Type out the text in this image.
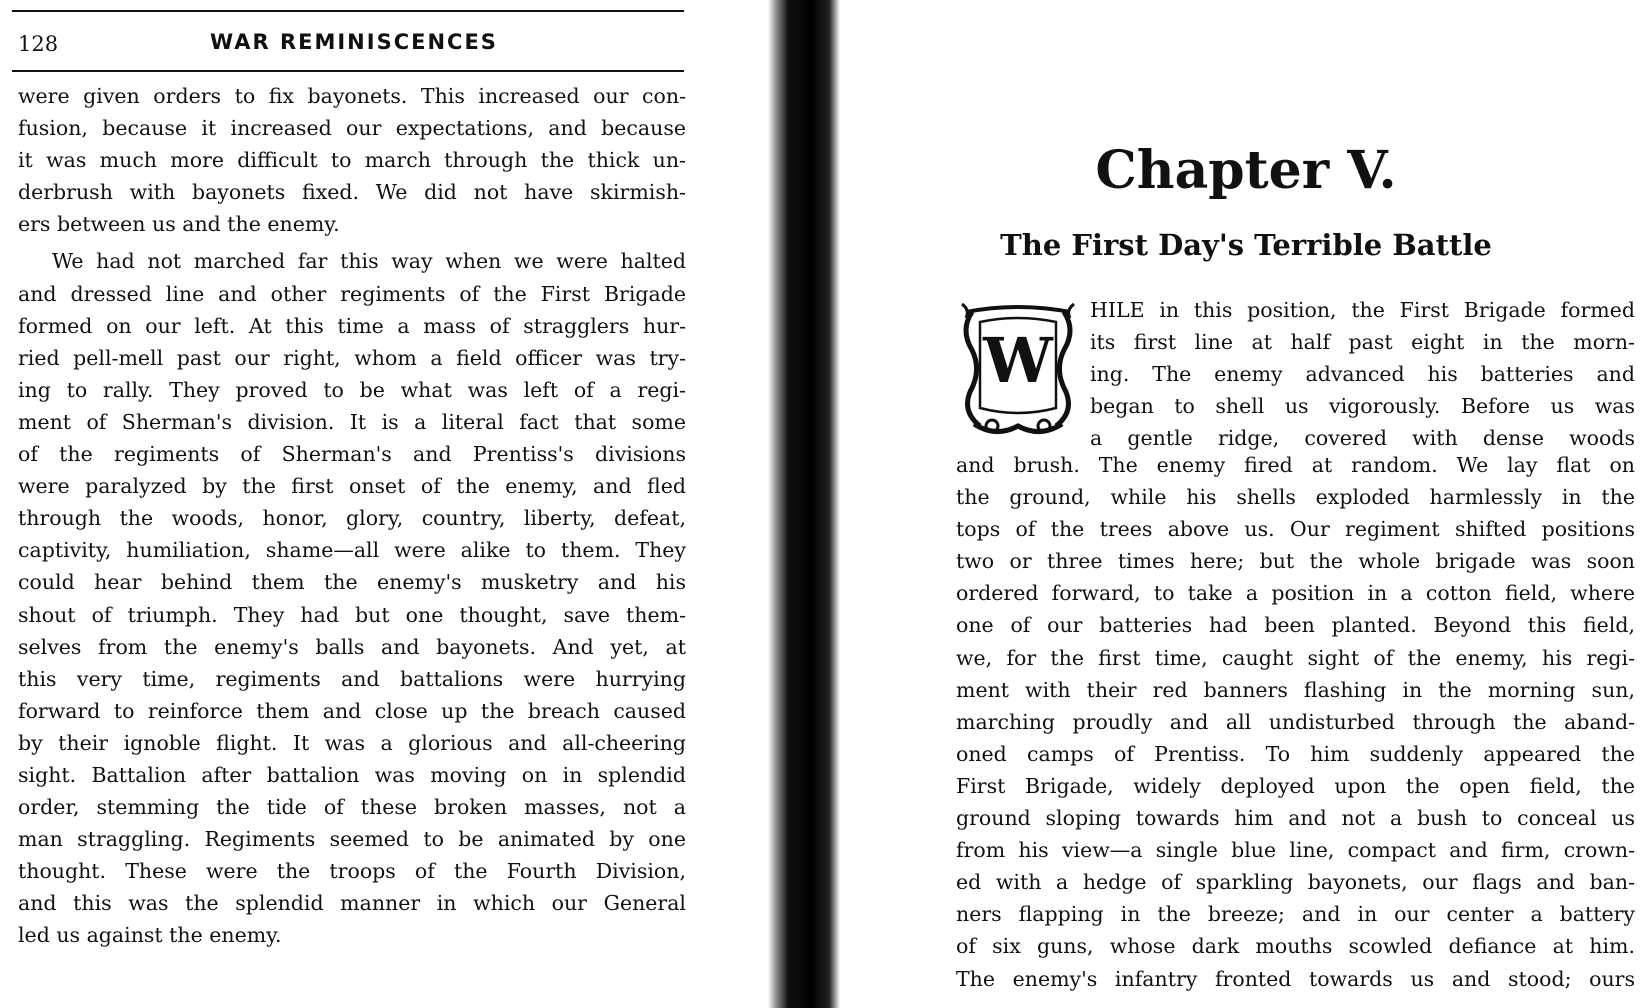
128	WAR REMINISCENCES
were given orders to fix bayonets. This increased our con-
fusion, because it increased our expectations, and because
it was much more difficult to march through the thick un-
derbrush with bayonets fixed. We did not have skirmish-
ers between us and the enemy.
We had not marched far this way when we were halted
and dressed line and other regiments of the First Brigade
formed on our left. At this time a mass of stragglers hur-
ried pell-mell past our right, whom a field officer was try-
ing to rally. They proved to be what was left of a regi-
ment of Sherman's division. It is a literal fact that some
of the regiments of Sherman's and Prentiss's divisions
were paralyzed by the first onset of the enemy, and fled
through the woods, honor, glory, country, liberty, defeat,
captivity, humiliation, shame—all were alike to them. They
could hear behind them the enemy's musketry and his
shout of triumph. They had but one thought, save them-
selves from the enemy's balls and bayonets. And yet, at
this very time, regiments and battalions were hurrying
forward to reinforce them and close up the breach caused
by their ignoble flight. It was a glorious and all-cheering
sight. Battalion after battalion was moving on in splendid
order, stemming the tide of these broken masses, not a
man straggling. Regiments seemed to be animated by one
thought. These were the troops of the Fourth Division,
and this was the splendid manner in which our General
led us against the enemy.
Chapter V.
The First Day's Terrible Battle
W
HILE in this position, the First Brigade formed
its first line at half past eight in the morn-
ing. The enemy advanced his batteries and
began to shell us vigorously. Before us was
a gentle ridge, covered with dense woods
and brush. The enemy fired at random. We lay flat on
the ground, while his shells exploded harmlessly in the
tops of the trees above us. Our regiment shifted positions
two or three times here; but the whole brigade was soon
ordered forward, to take a position in a cotton field, where
one of our batteries had been planted. Beyond this field,
we, for the first time, caught sight of the enemy, his regi-
ment with their red banners flashing in the morning sun,
marching proudly and all undisturbed through the aband-
oned camps of Prentiss. To him suddenly appeared the
First Brigade, widely deployed upon the open field, the
ground sloping towards him and not a bush to conceal us
from his view—a single blue line, compact and firm, crown-
ed with a hedge of sparkling bayonets, our flags and ban-
ners flapping in the breeze; and in our center a battery
of six guns, whose dark mouths scowled defiance at him.
The enemy's infantry fronted towards us and stood; ours
